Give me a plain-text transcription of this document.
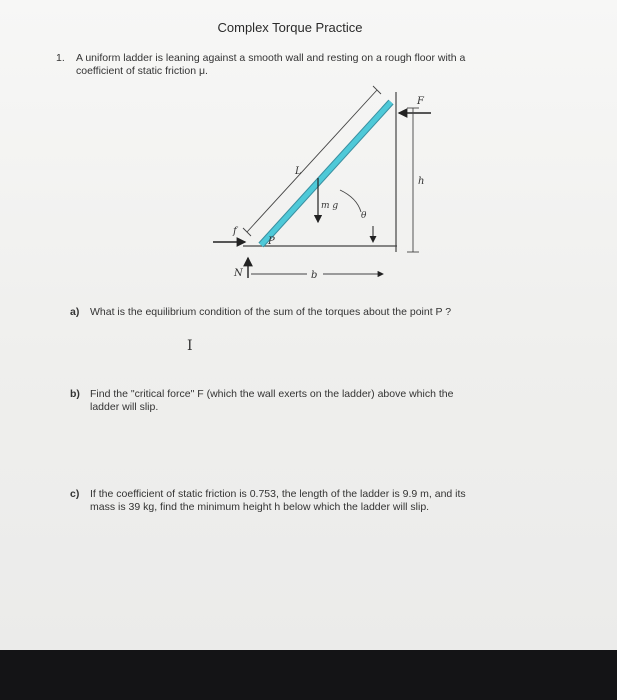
Complex Torque Practice
1. A uniform ladder is leaning against a smooth wall and resting on a rough floor with a
coefficient of static friction μ.
L
m g
θ
F
h
f
P
N	b
a) What is the equilibrium condition of the sum of the torques about the point P ?
I
b) Find the "critical force" F (which the wall exerts on the ladder) above which the
ladder will slip.
c) If the coefficient of static friction is 0.753, the length of the ladder is 9.9 m, and its
mass is 39 kg, find the minimum height h below which the ladder will slip.
